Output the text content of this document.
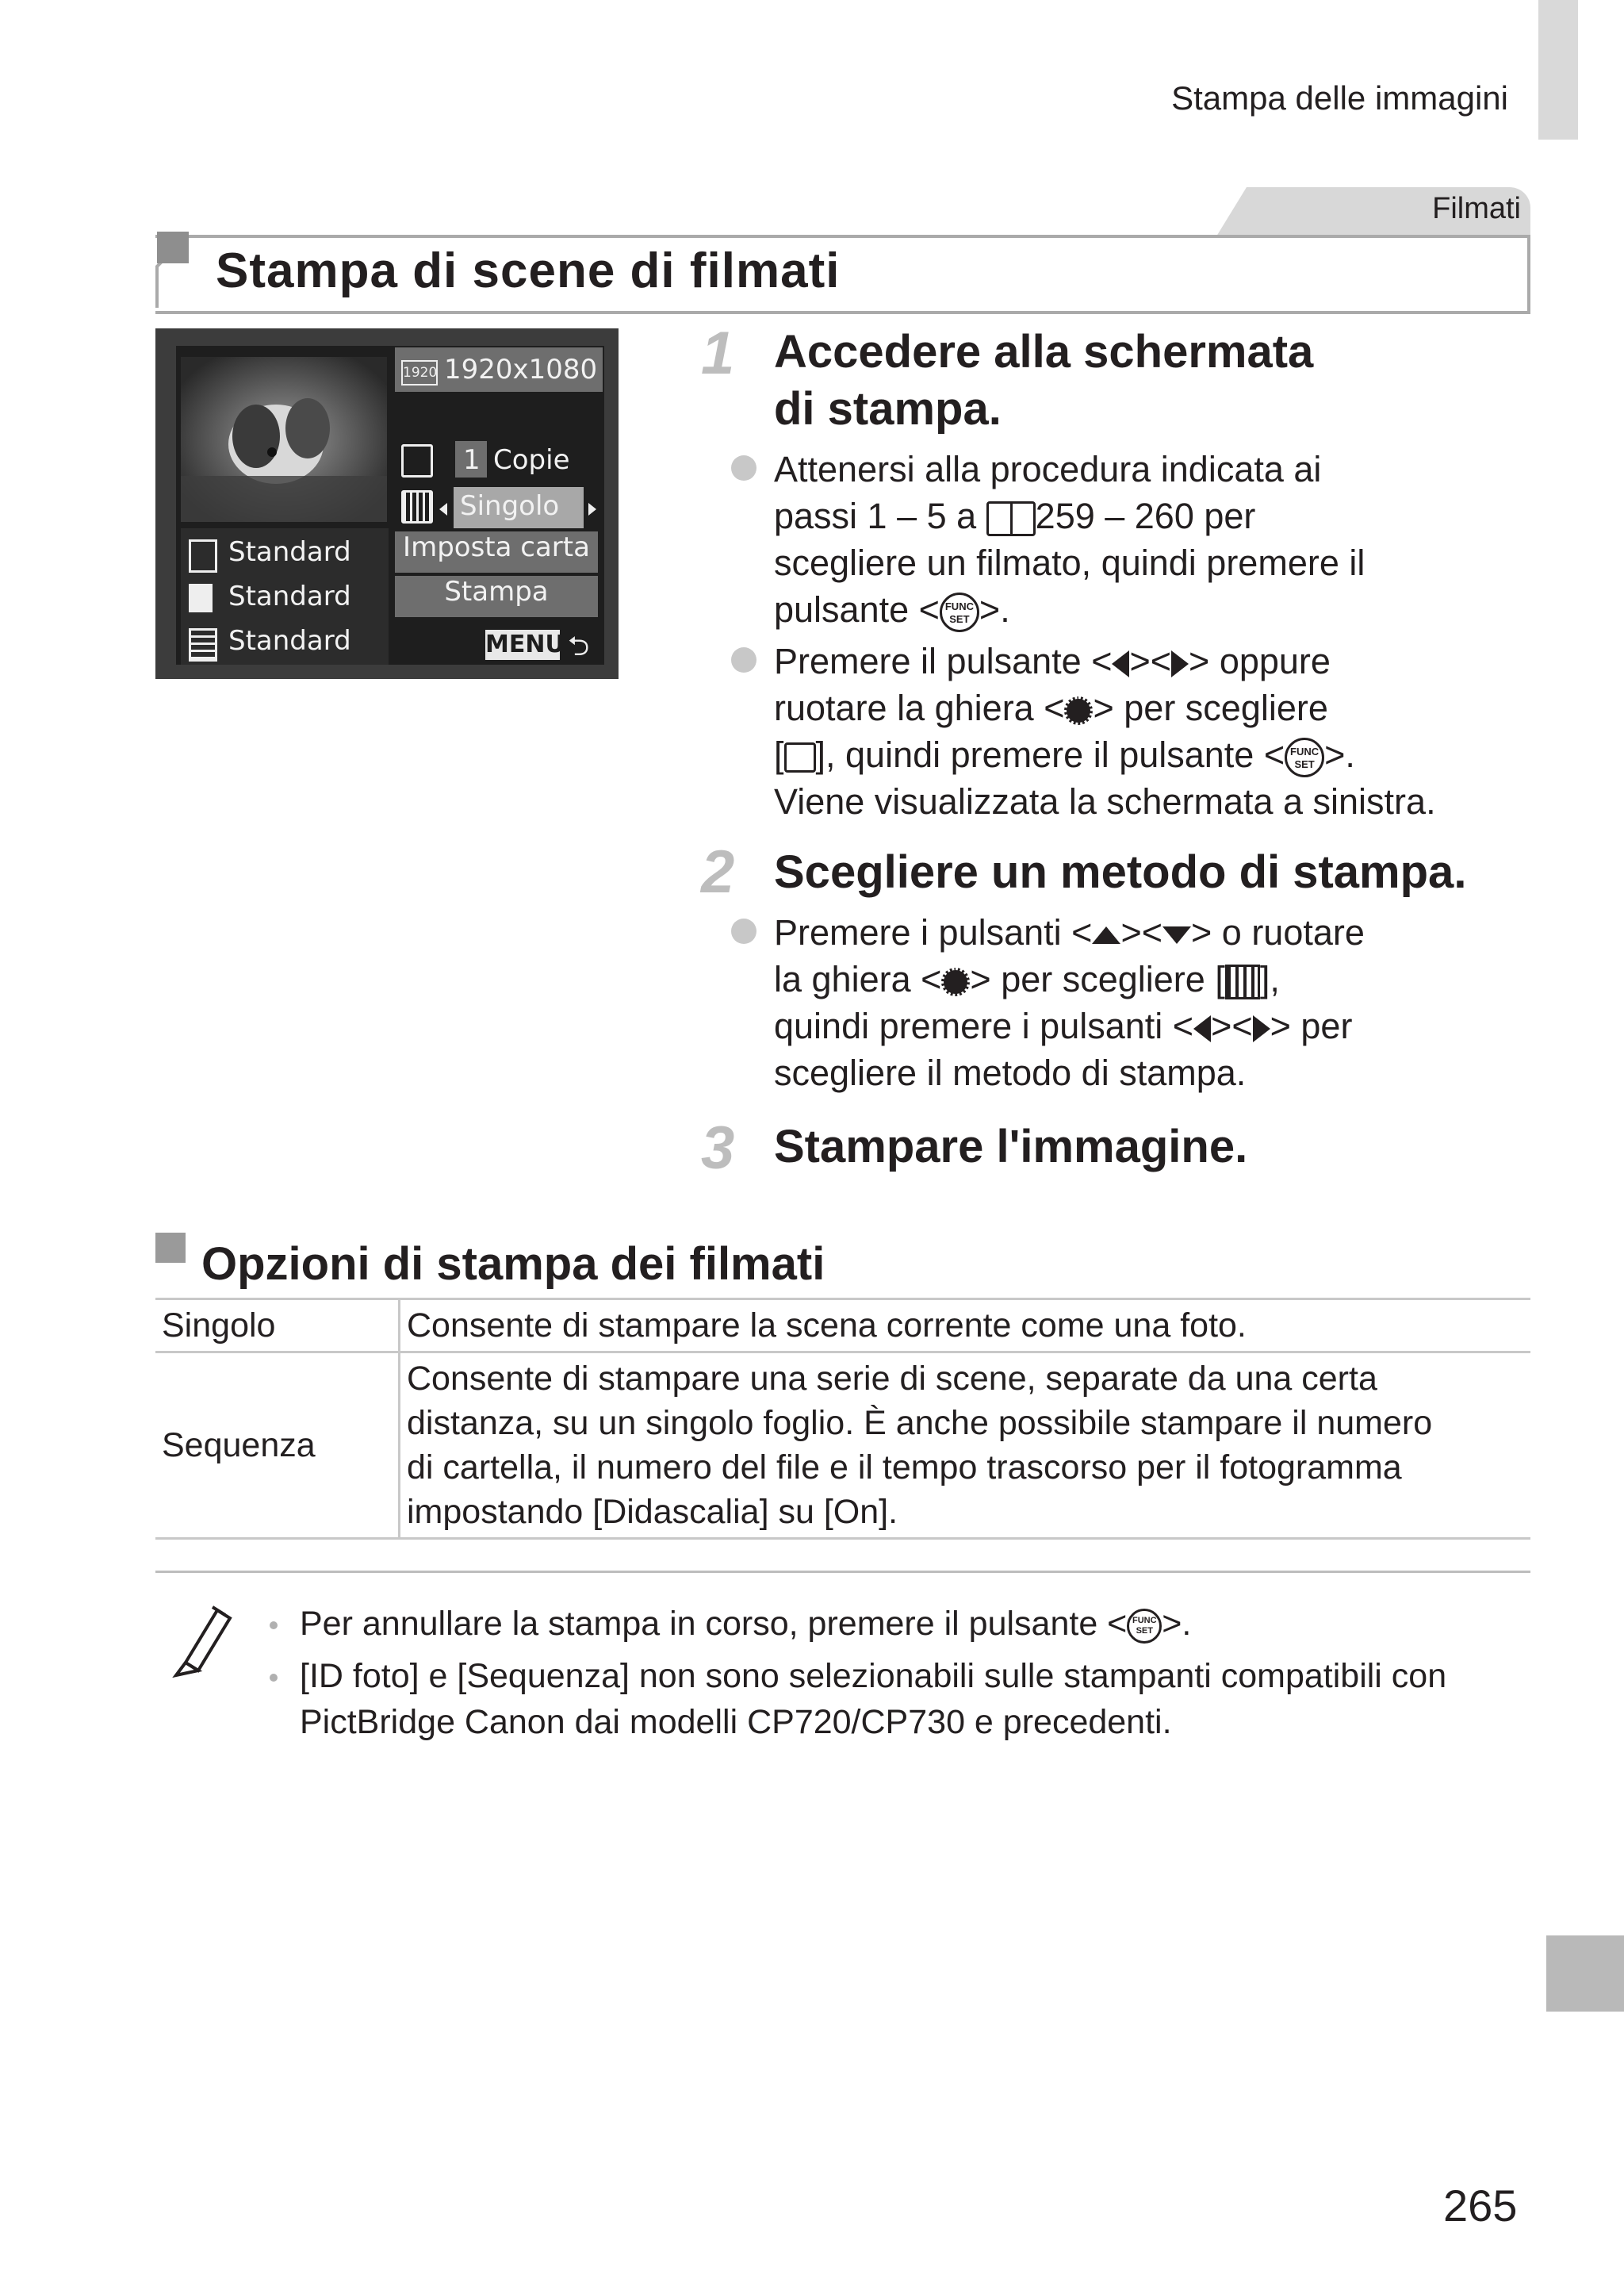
Stampa delle immagini
Filmati
Stampa di scene di filmati
1920 1920x1080
1 Copie
Singolo
Standard
Standard
Standard
Imposta carta
Stampa
MENU ⮌
1 Accedere alla schermata
di stampa.
Attenersi alla procedura indicata ai
passi 1 – 5 a 259 – 260 per
scegliere un filmato, quindi premere il
pulsante < FUNC
SET >.
Premere il pulsante < >< > oppure
ruotare la ghiera < > per scegliere
[ ], quindi premere il pulsante < FUNC
SET >.
Viene visualizzata la schermata a sinistra.
2 Scegliere un metodo di stampa.
Premere i pulsanti < >< > o ruotare
la ghiera < > per scegliere [ ],
quindi premere i pulsanti < >< > per
scegliere il metodo di stampa.
3 Stampare l'immagine.
Opzioni di stampa dei filmati
Singolo	Consente di stampare la scena corrente come una foto.
Sequenza	Consente di stampare una serie di scene, separate da una certa
distanza, su un singolo foglio. È anche possibile stampare il numero
di cartella, il numero del file e il tempo trascorso per il fotogramma
impostando [Didascalia] su [On].
Per annullare la stampa in corso, premere il pulsante < FUNC
SET >.
[ID foto] e [Sequenza] non sono selezionabili sulle stampanti compatibili con
PictBridge Canon dai modelli CP720/CP730 e precedenti.
265
